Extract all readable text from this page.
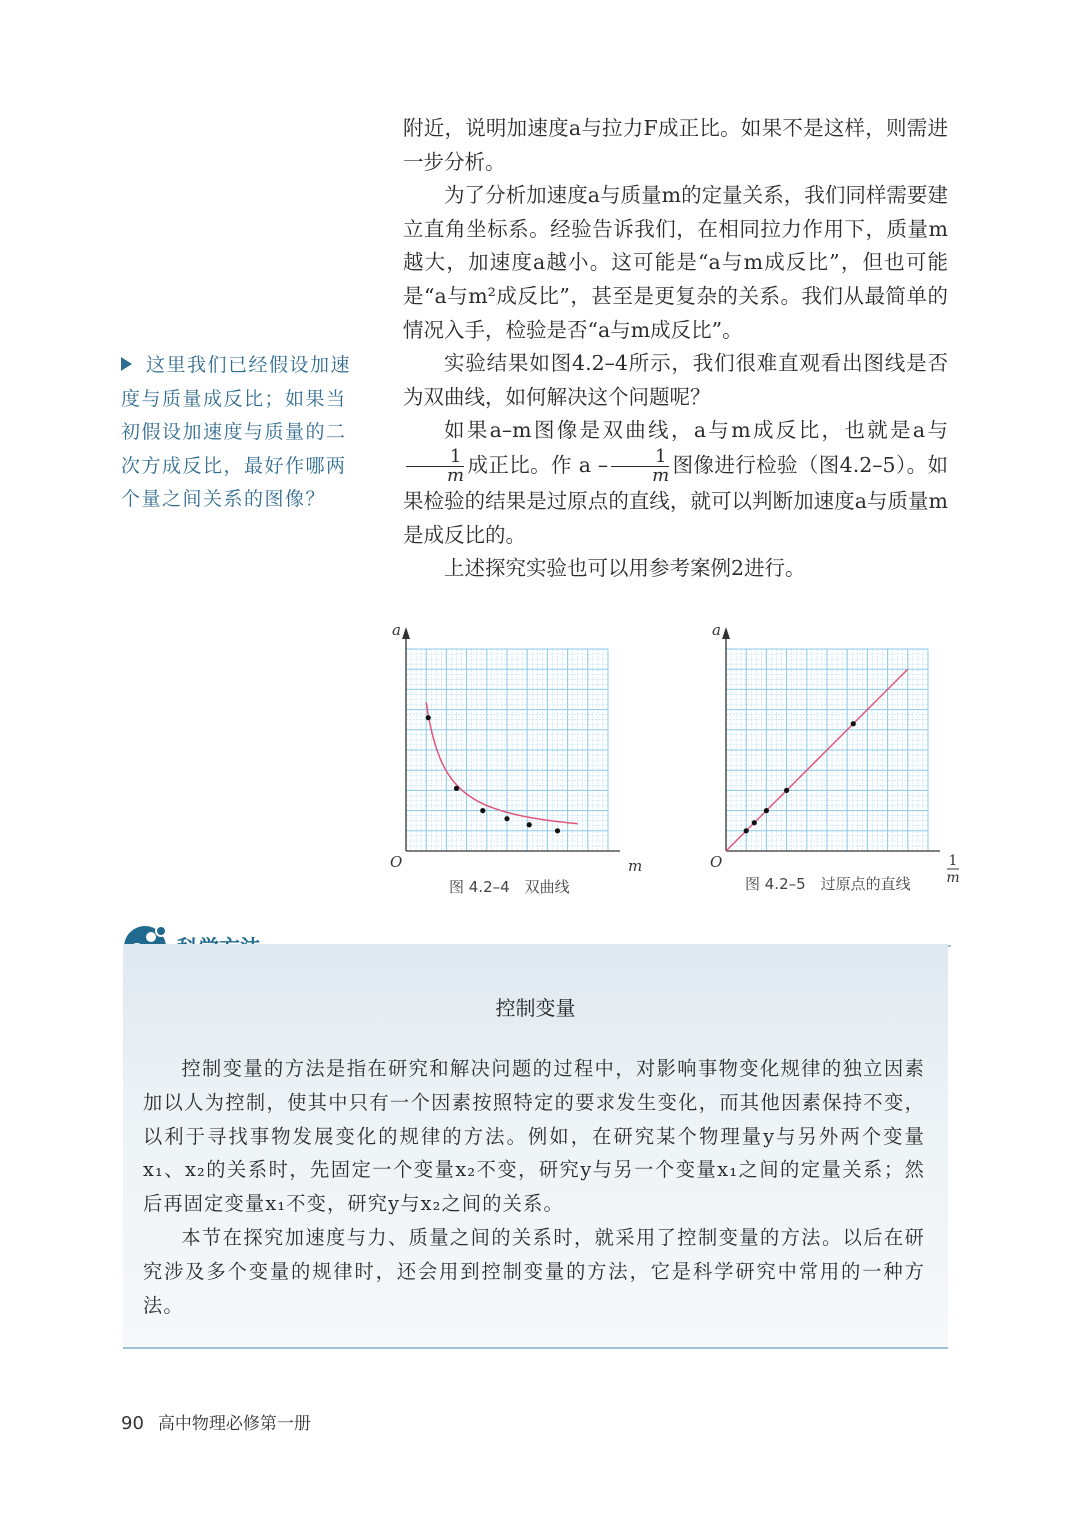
附近，说明加速度a与拉力F成正比。如果不是这样，则需进一步分析。

为了分析加速度a与质量m的定量关系，我们同样需要建立直角坐标系。经验告诉我们，在相同拉力作用下，质量m越大，加速度a越小。这可能是“a与m成反比”，但也可能是“a与m²成反比”，甚至是更复杂的关系。我们从最简单的情况入手，检验是否“a与m成反比”。

实验结果如图4.2–4所示，我们很难直观看出图线是否为双曲线，如何解决这个问题呢？

如果a–m图像是双曲线，a与m成反比，也就是a与
$\frac{1}{m}$ 成正比。作 a – $\frac{1}{m}$ 图像进行检验（图4.2–5）。如果检验的结果是过原点的直线，就可以判断加速度a与质量m是成反比的。

上述探究实验也可以用参考案例2进行。

这里我们已经假设加速度与质量成反比；如果当初假设加速度与质量的二次方成反比，最好作哪两个量之间关系的图像？
a
O	m
图 4.2–4　双曲线
a
O	1
m
图 4.2–5　过原点的直线
控制变量

控制变量的方法是指在研究和解决问题的过程中，对影响事物变化规律的独立因素加以人为控制，使其中只有一个因素按照特定的要求发生变化，而其他因素保持不变，以利于寻找事物发展变化的规律的方法。例如，在研究某个物理量y与另外两个变量x₁、x₂的关系时，先固定一个变量x₂不变，研究y与另一个变量x₁之间的定量关系；然后再固定变量x₁不变，研究y与x₂之间的关系。

本节在探究加速度与力、质量之间的关系时，就采用了控制变量的方法。以后在研究涉及多个变量的规律时，还会用到控制变量的方法，它是科学研究中常用的一种方法。

90 高中物理必修第一册
